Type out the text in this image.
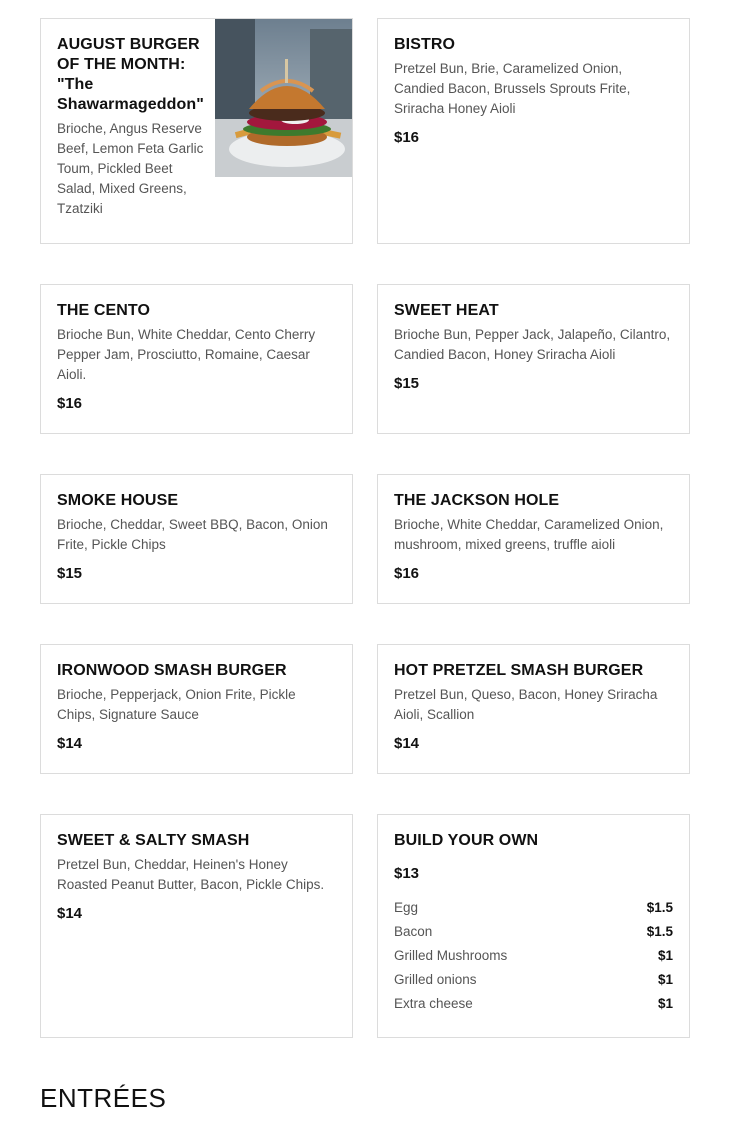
AUGUST BURGER OF THE MONTH: "The Shawarmageddon"

Brioche, Angus Reserve Beef, Lemon Feta Garlic Toum, Pickled Beet Salad, Mixed Greens, Tzatziki

BISTRO

Pretzel Bun, Brie, Caramelized Onion, Candied Bacon, Brussels Sprouts Frite, Sriracha Honey Aioli

$16
THE CENTO

Brioche Bun, White Cheddar, Cento Cherry Pepper Jam, Prosciutto, Romaine, Caesar Aioli.

$16
SWEET HEAT

Brioche Bun, Pepper Jack, Jalapeño, Cilantro, Candied Bacon, Honey Sriracha Aioli

$15
SMOKE HOUSE

Brioche, Cheddar, Sweet BBQ, Bacon, Onion Frite, Pickle Chips

$15
THE JACKSON HOLE

Brioche, White Cheddar, Caramelized Onion, mushroom, mixed greens, truffle aioli

$16
IRONWOOD SMASH BURGER

Brioche, Pepperjack, Onion Frite, Pickle Chips, Signature Sauce

$14
HOT PRETZEL SMASH BURGER

Pretzel Bun, Queso, Bacon, Honey Sriracha Aioli, Scallion

$14
SWEET & SALTY SMASH

Pretzel Bun, Cheddar, Heinen's Honey Roasted Peanut Butter, Bacon, Pickle Chips.

$14
BUILD YOUR OWN
$13
Egg	$1.5
Bacon	$1.5
Grilled Mushrooms	$1
Grilled onions	$1
Extra cheese	$1
ENTRÉES
